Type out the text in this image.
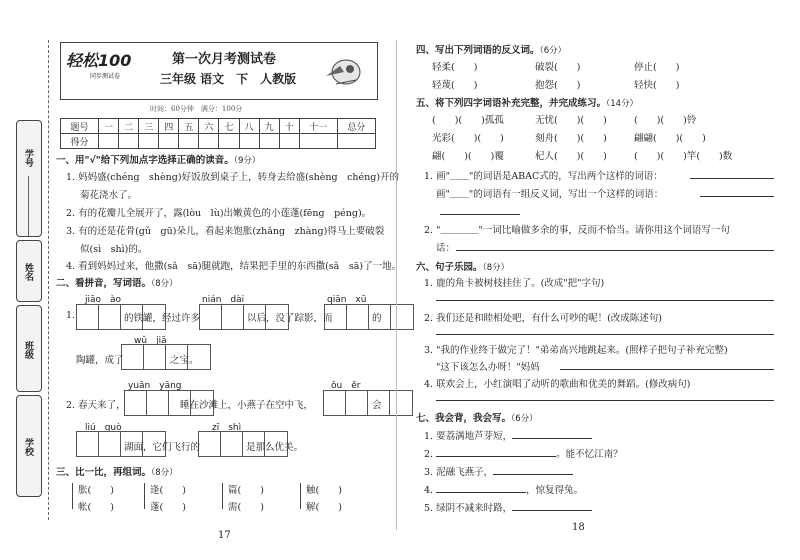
学号
姓名
班级
学校
轻松100
同步测试卷
第一次月考测试卷
三年级 语文　下　人教版
时间：60分钟　满分：100分
题号	一	二	三	四	五	六	七	八	九	十	十一	总分
得分												
一、用"√"给下列加点字选择正确的读音。（9分）
1. 妈妈盛(chéng　shèng)好饭放到桌子上，转身去给盛(shèng　chéng)开的
菊花浇水了。
2. 有的花瓣儿全展开了，露(lòu　lù)出嫩黄色的小莲蓬(fēng　péng)。
3. 有的还是花骨(gǔ　gū)朵儿，看起来饱胀(zhǎng　zhàng)得马上要破裂
似(sì　shì)的。
4. 看到妈妈过来，他撒(sǎ　sā)腿就跑，结果把手里的东西撒(sǎ　sā)了一地。
二、看拼音，写词语。（8分）
jiāo　ào	nián　dài	qiān　xū
1.	的铁罐，经过许多	以后，没了踪影，而	的
wǔ　jiā
陶罐，成了	之宝。
yuān　yāng	ǒu　ěr
2. 春天来了，	睡在沙滩上，小燕子在空中飞，	会
liú　guò	zī　shì
湖面，它们飞行的	是那么优美。
三、比一比，再组词。（8分）
胀(　　)	逢(　　)	篇(　　)	触(　　)
帐(　　)	蓬(　　)	需(　　)	解(　　)
17
四、写出下列词语的反义词。（6分）
轻柔(　　)	破裂(　　)	停止(　　)
轻蔑(　　)	抱怨(　　)	轻快(　　)
五、将下列四字词语补充完整，并完成练习。（14分）
(　　)(　　)孤孤	无忧(　　)(　　)	(　　)(　　)铃
光彩(　　)(　　)	刻舟(　　)(　　)	翩翩(　　)(　　)
翩(　　)(　　)覆	杞人(　　)(　　)	(　　)(　　)竿(　　)数
1. 画"＿＿"的词语是ABAC式的，写出两个这样的词语：
画"＿＿"的词语有一组反义词，写出一个这样的词语：
2. "＿＿＿＿"一词比喻做多余的事，反而不恰当。请你用这个词语写一句
话：
六、句子乐园。（8分）
1. 鹿的角卡被树枝挂住了。(改成"把"字句)
2. 我们还是和睦相处吧，有什么可吵的呢！(改成陈述句)
3. "我的作业终于做完了！"弟弟高兴地跳起来。(照样子把句子补充完整)
"这下该怎么办呀！"妈妈
4. 联欢会上，小红演唱了动听的歌曲和优美的舞蹈。(修改病句)
七、我会背，我会写。（6分）
1. 要荔满地芦芽短，
2.	。能不忆江南？
3. 泥融飞燕子，
4.	，惊复得兔。
5. 绿阴不减来时路，
18
